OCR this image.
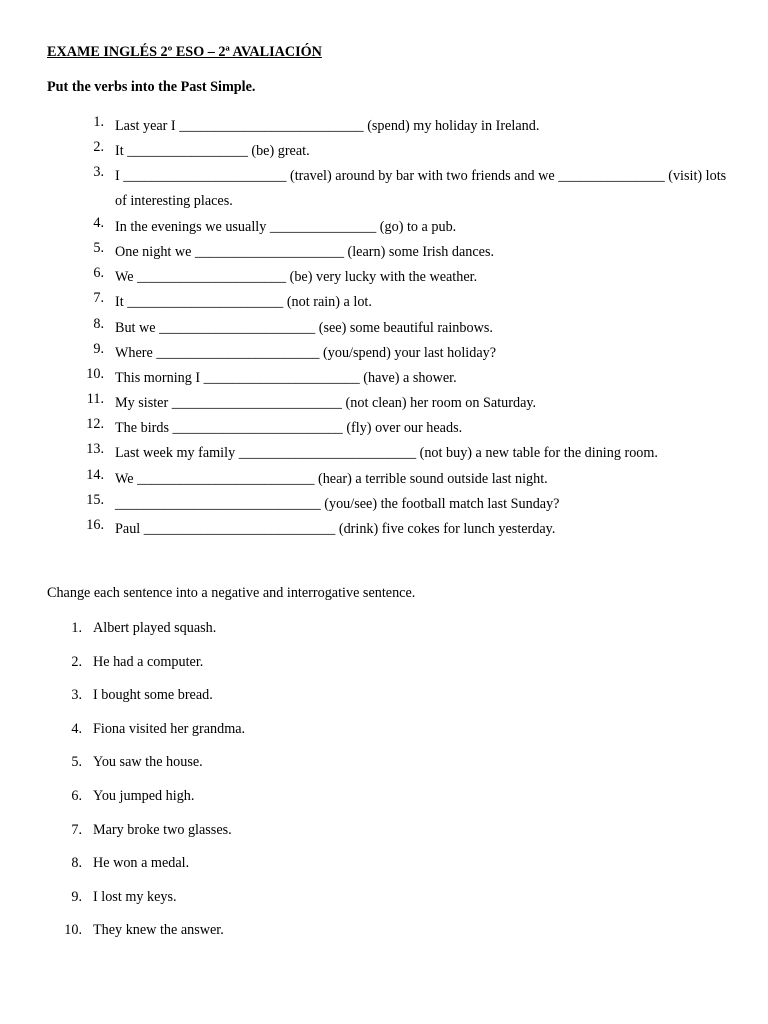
EXAME INGLÉS 2º ESO – 2ª AVALIACIÓN
Put the verbs into the Past Simple.
1. Last year I __________________________ (spend) my holiday in Ireland.
2. It _________________ (be) great.
3. I _______________________ (travel) around by bar with two friends and we _______________ (visit) lots of interesting places.
4. In the evenings we usually _______________ (go) to a pub.
5. One night we _____________________ (learn) some Irish dances.
6. We _____________________ (be) very lucky with the weather.
7. It ______________________ (not rain) a lot.
8. But we ______________________ (see) some beautiful rainbows.
9. Where _______________________ (you/spend) your last holiday?
10. This morning I ______________________ (have) a shower.
11. My sister ________________________ (not clean) her room on Saturday.
12. The birds ________________________ (fly) over our heads.
13. Last week my family _________________________ (not buy) a new table for the dining room.
14. We _________________________ (hear) a terrible sound outside last night.
15. _____________________________ (you/see) the football match last Sunday?
16. Paul ___________________________ (drink) five cokes for lunch yesterday.
Change each sentence into a negative and interrogative sentence.
1. Albert played squash.
2. He had a computer.
3. I bought some bread.
4. Fiona visited her grandma.
5. You saw the house.
6. You jumped high.
7. Mary broke two glasses.
8. He won a medal.
9. I lost my keys.
10. They knew the answer.
